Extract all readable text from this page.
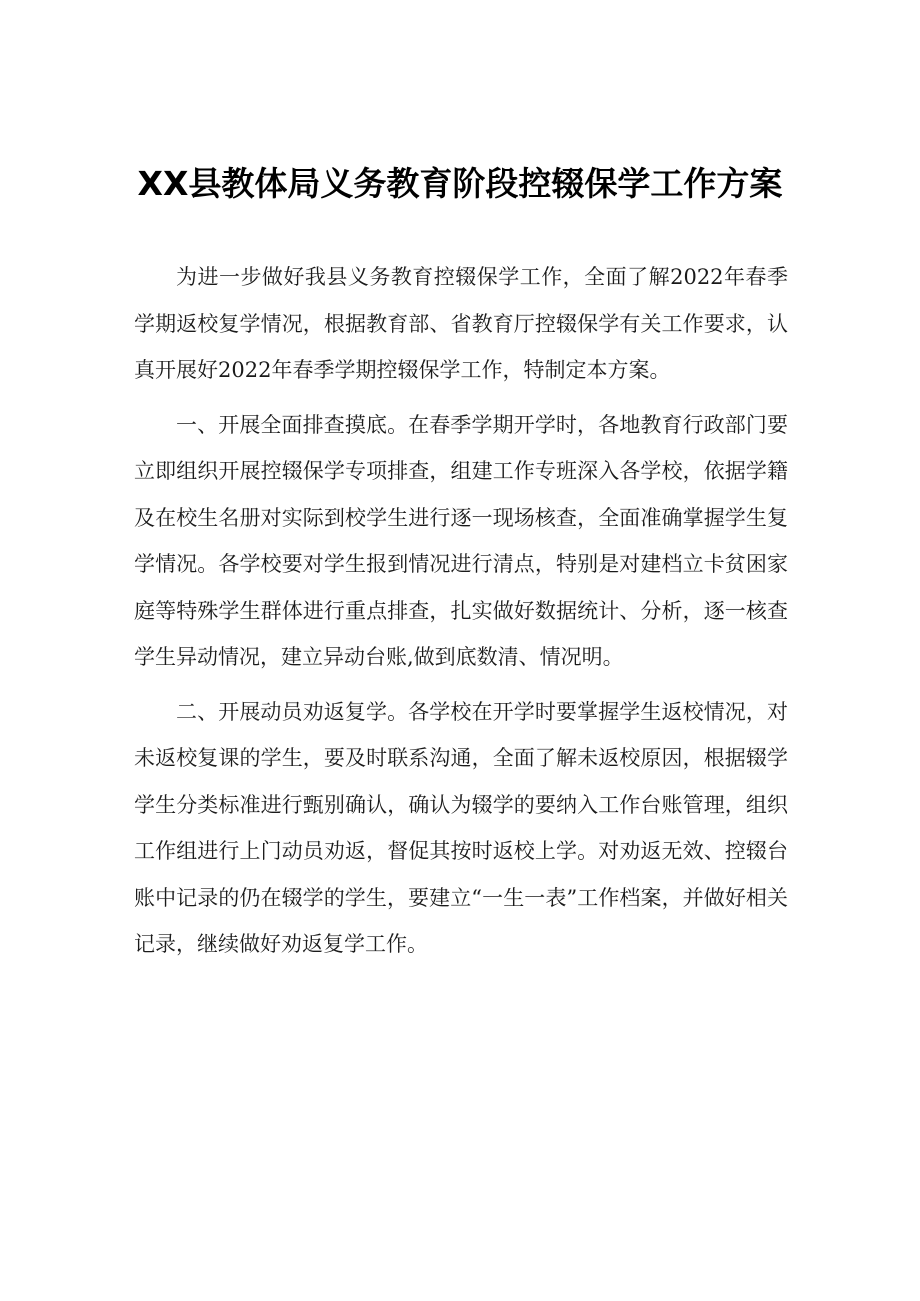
XX县教体局义务教育阶段控辍保学工作方案

为进一步做好我县义务教育控辍保学工作，全面了解2022年春季学期返校复学情况，根据教育部、省教育厅控辍保学有关工作要求，认真开展好2022年春季学期控辍保学工作，特制定本方案。

一、开展全面排查摸底。在春季学期开学时，各地教育行政部门要立即组织开展控辍保学专项排查，组建工作专班深入各学校，依据学籍及在校生名册对实际到校学生进行逐一现场核查，全面准确掌握学生复学情况。各学校要对学生报到情况进行清点，特别是对建档立卡贫困家庭等特殊学生群体进行重点排查，扎实做好数据统计、分析，逐一核查学生异动情况，建立异动台账,做到底数清、情况明。

二、开展动员劝返复学。各学校在开学时要掌握学生返校情况，对未返校复课的学生，要及时联系沟通，全面了解未返校原因，根据辍学学生分类标准进行甄别确认，确认为辍学的要纳入工作台账管理，组织工作组进行上门动员劝返，督促其按时返校上学。对劝返无效、控辍台账中记录的仍在辍学的学生，要建立“一生一表”工作档案，并做好相关记录，继续做好劝返复学工作。
